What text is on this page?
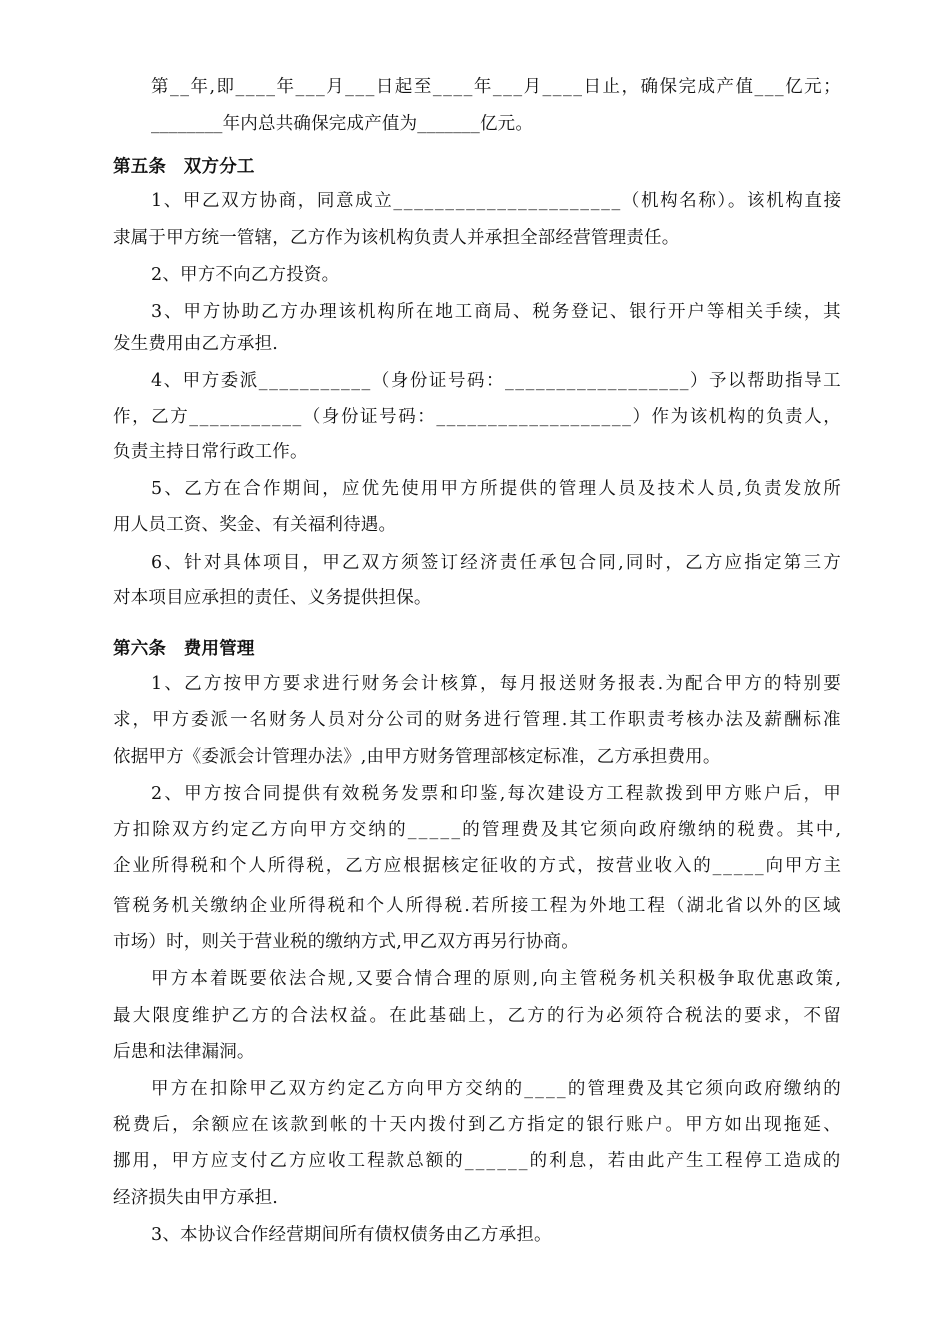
第__年,即____年___月___日起至____年___月____日止，确保完成产值___亿元；
________年内总共确保完成产值为_______亿元。
第五条　双方分工
1、甲乙双方协商，同意成立______________________（机构名称）。该机构直接
隶属于甲方统一管辖，乙方作为该机构负责人并承担全部经营管理责任。
2、甲方不向乙方投资。
3、甲方协助乙方办理该机构所在地工商局、税务登记、银行开户等相关手续，其
发生费用由乙方承担.
4、甲方委派___________（身份证号码：__________________）予以帮助指导工
作，乙方___________（身份证号码：___________________）作为该机构的负责人，
负责主持日常行政工作。
5、乙方在合作期间，应优先使用甲方所提供的管理人员及技术人员,负责发放所
用人员工资、奖金、有关福利待遇。
6、针对具体项目，甲乙双方须签订经济责任承包合同,同时，乙方应指定第三方
对本项目应承担的责任、义务提供担保。
第六条　费用管理
1、乙方按甲方要求进行财务会计核算，每月报送财务报表.为配合甲方的特别要
求，甲方委派一名财务人员对分公司的财务进行管理.其工作职责考核办法及薪酬标准
依据甲方《委派会计管理办法》,由甲方财务管理部核定标准，乙方承担费用。
2、甲方按合同提供有效税务发票和印鉴,每次建设方工程款拨到甲方账户后，甲
方扣除双方约定乙方向甲方交纳的_____的管理费及其它须向政府缴纳的税费。其中,
企业所得税和个人所得税，乙方应根据核定征收的方式，按营业收入的_____向甲方主
管税务机关缴纳企业所得税和个人所得税.若所接工程为外地工程（湖北省以外的区域
市场）时，则关于营业税的缴纳方式,甲乙双方再另行协商。
甲方本着既要依法合规,又要合情合理的原则,向主管税务机关积极争取优惠政策,
最大限度维护乙方的合法权益。在此基础上，乙方的行为必须符合税法的要求，不留
后患和法律漏洞。
甲方在扣除甲乙双方约定乙方向甲方交纳的____的管理费及其它须向政府缴纳的
税费后，余额应在该款到帐的十天内拨付到乙方指定的银行账户。甲方如出现拖延、
挪用，甲方应支付乙方应收工程款总额的______的利息，若由此产生工程停工造成的
经济损失由甲方承担.
3、本协议合作经营期间所有债权债务由乙方承担。
